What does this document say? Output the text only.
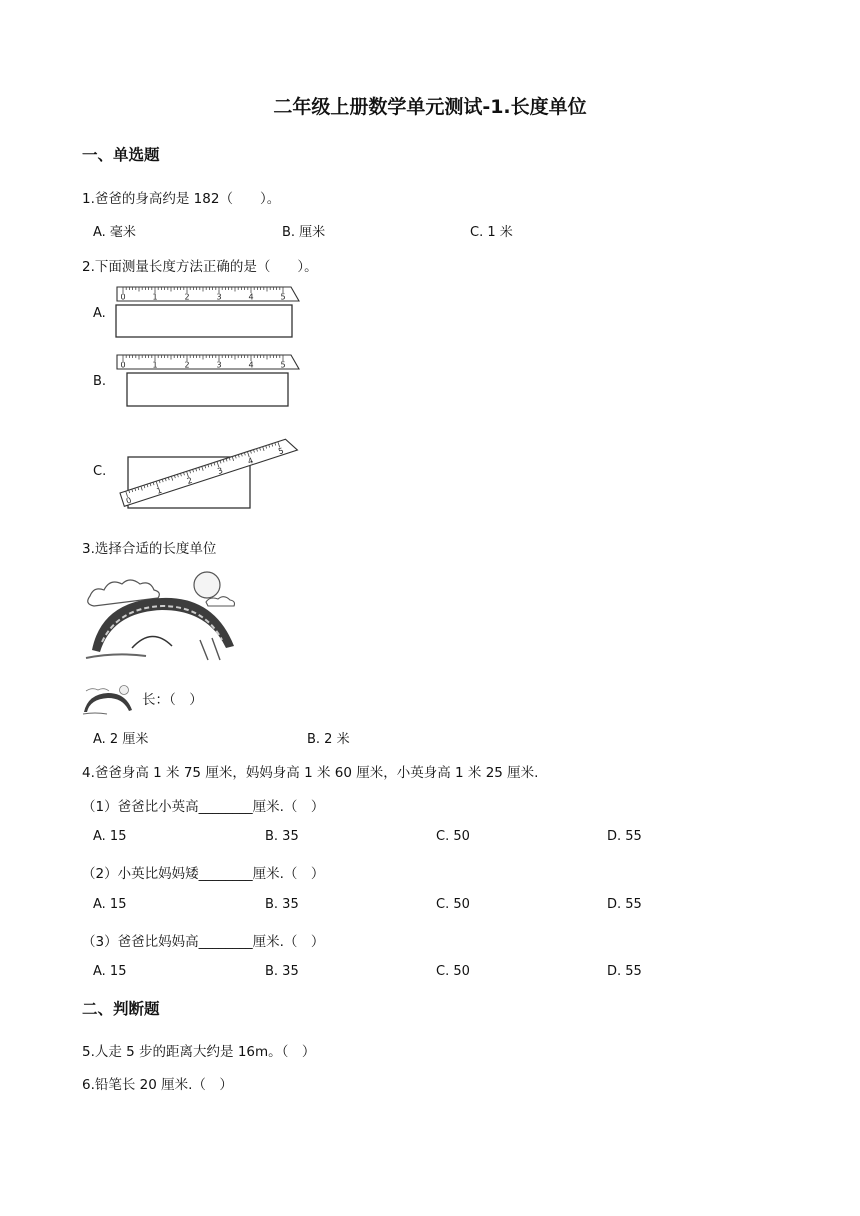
二年级上册数学单元测试-1.长度单位
一、单选题
1.爸爸的身高约是 182（　　）。
A. 毫米	B. 厘米	C. 1 米
2.下面测量长度方法正确的是（　　）。
A.
0	1	2	3	4	5
B.
0	1	2	3	4	5
C.
0
1
2
3
4
5
3.选择合适的长度单位
长：（　）
A. 2 厘米	B. 2 米
4.爸爸身高 1 米 75 厘米，妈妈身高 1 米 60 厘米，小英身高 1 米 25 厘米.
（1）爸爸比小英高________厘米.（　）
A. 15	B. 35	C. 50	D. 55
（2）小英比妈妈矮________厘米.（　）
A. 15	B. 35	C. 50	D. 55
（3）爸爸比妈妈高________厘米.（　）
A. 15	B. 35	C. 50	D. 55
二、判断题
5.人走 5 步的距离大约是 16m。（　）
6.铅笔长 20 厘米.（　）
